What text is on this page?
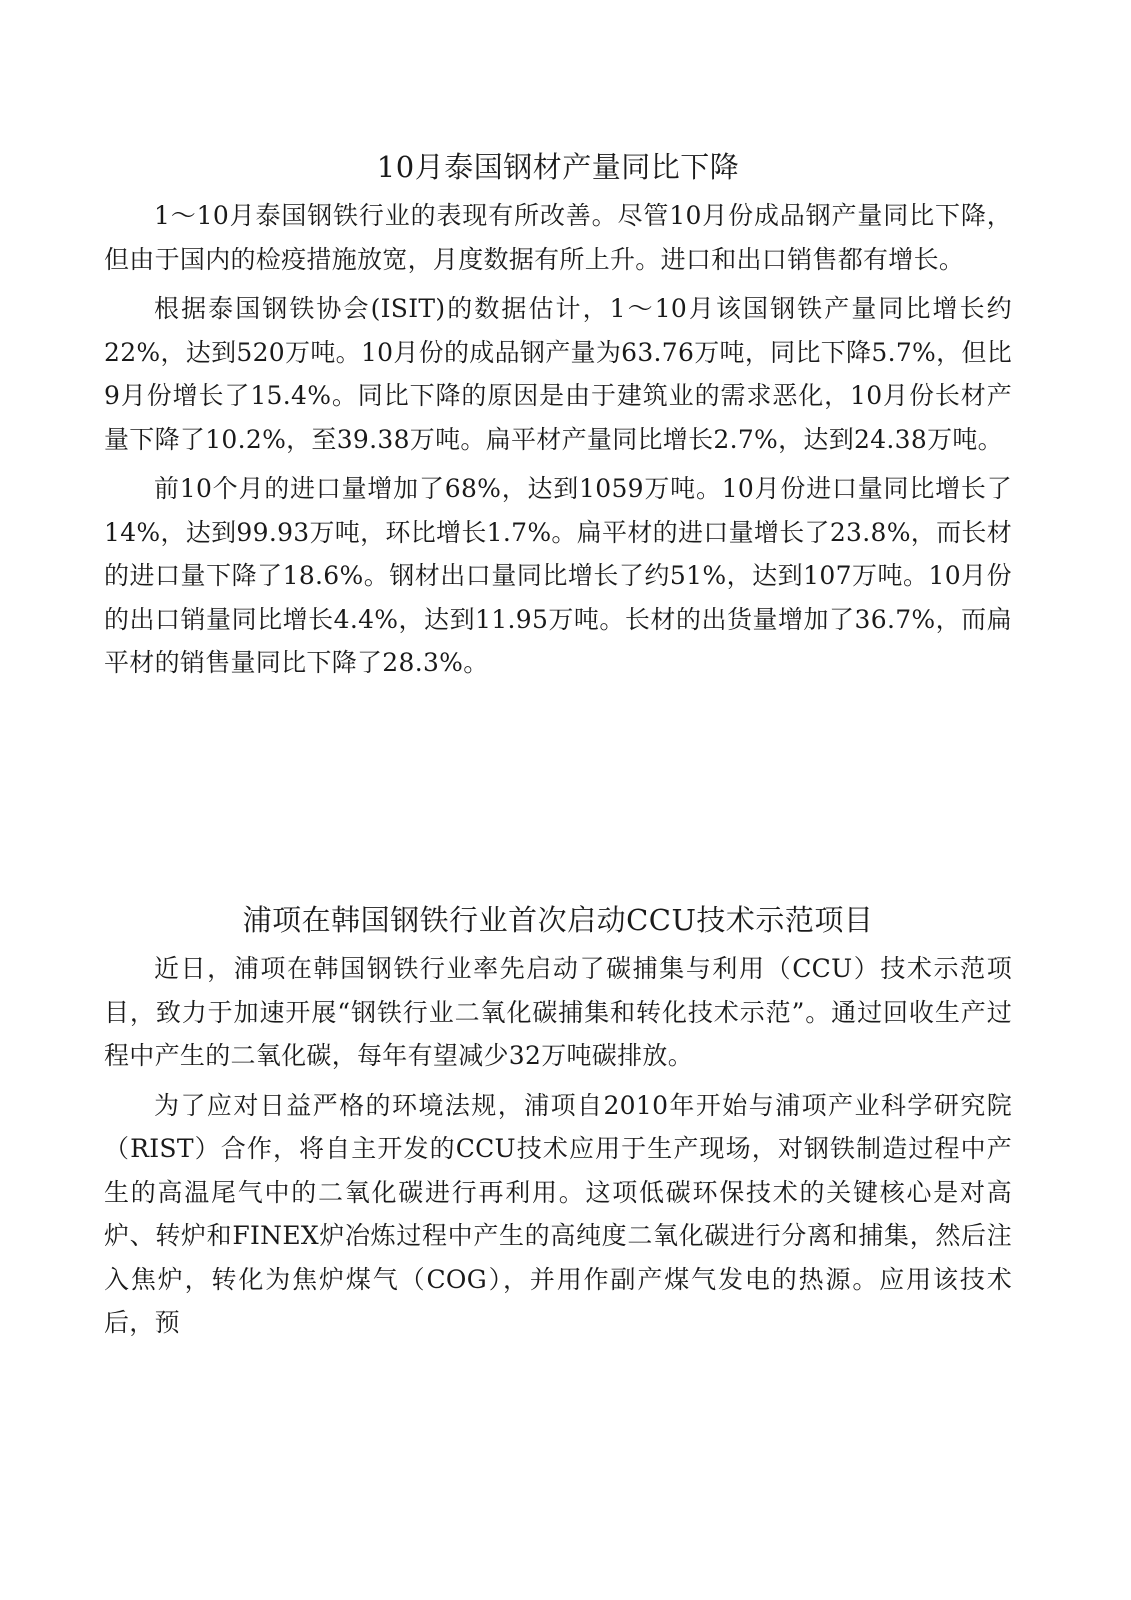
10月泰国钢材产量同比下降

1～10月泰国钢铁行业的表现有所改善。尽管10月份成品钢产量同比下降，但由于国内的检疫措施放宽，月度数据有所上升。进口和出口销售都有增长。

根据泰国钢铁协会(ISIT)的数据估计，1～10月该国钢铁产量同比增长约22%，达到520万吨。10月份的成品钢产量为63.76万吨，同比下降5.7%，但比9月份增长了15.4%。同比下降的原因是由于建筑业的需求恶化，10月份长材产量下降了10.2%，至39.38万吨。扁平材产量同比增长2.7%，达到24.38万吨。

前10个月的进口量增加了68%，达到1059万吨。10月份进口量同比增长了14%，达到99.93万吨，环比增长1.7%。扁平材的进口量增长了23.8%，而长材的进口量下降了18.6%。钢材出口量同比增长了约51%，达到107万吨。10月份的出口销量同比增长4.4%，达到11.95万吨。长材的出货量增加了36.7%，而扁平材的销售量同比下降了28.3%。

浦项在韩国钢铁行业首次启动CCU技术示范项目

近日，浦项在韩国钢铁行业率先启动了碳捕集与利用（CCU）技术示范项目，致力于加速开展“钢铁行业二氧化碳捕集和转化技术示范”。通过回收生产过程中产生的二氧化碳，每年有望减少32万吨碳排放。

为了应对日益严格的环境法规，浦项自2010年开始与浦项产业科学研究院（RIST）合作，将自主开发的CCU技术应用于生产现场，对钢铁制造过程中产生的高温尾气中的二氧化碳进行再利用。这项低碳环保技术的关键核心是对高炉、转炉和FINEX炉冶炼过程中产生的高纯度二氧化碳进行分离和捕集，然后注入焦炉，转化为焦炉煤气（COG），并用作副产煤气发电的热源。应用该技术后，预
